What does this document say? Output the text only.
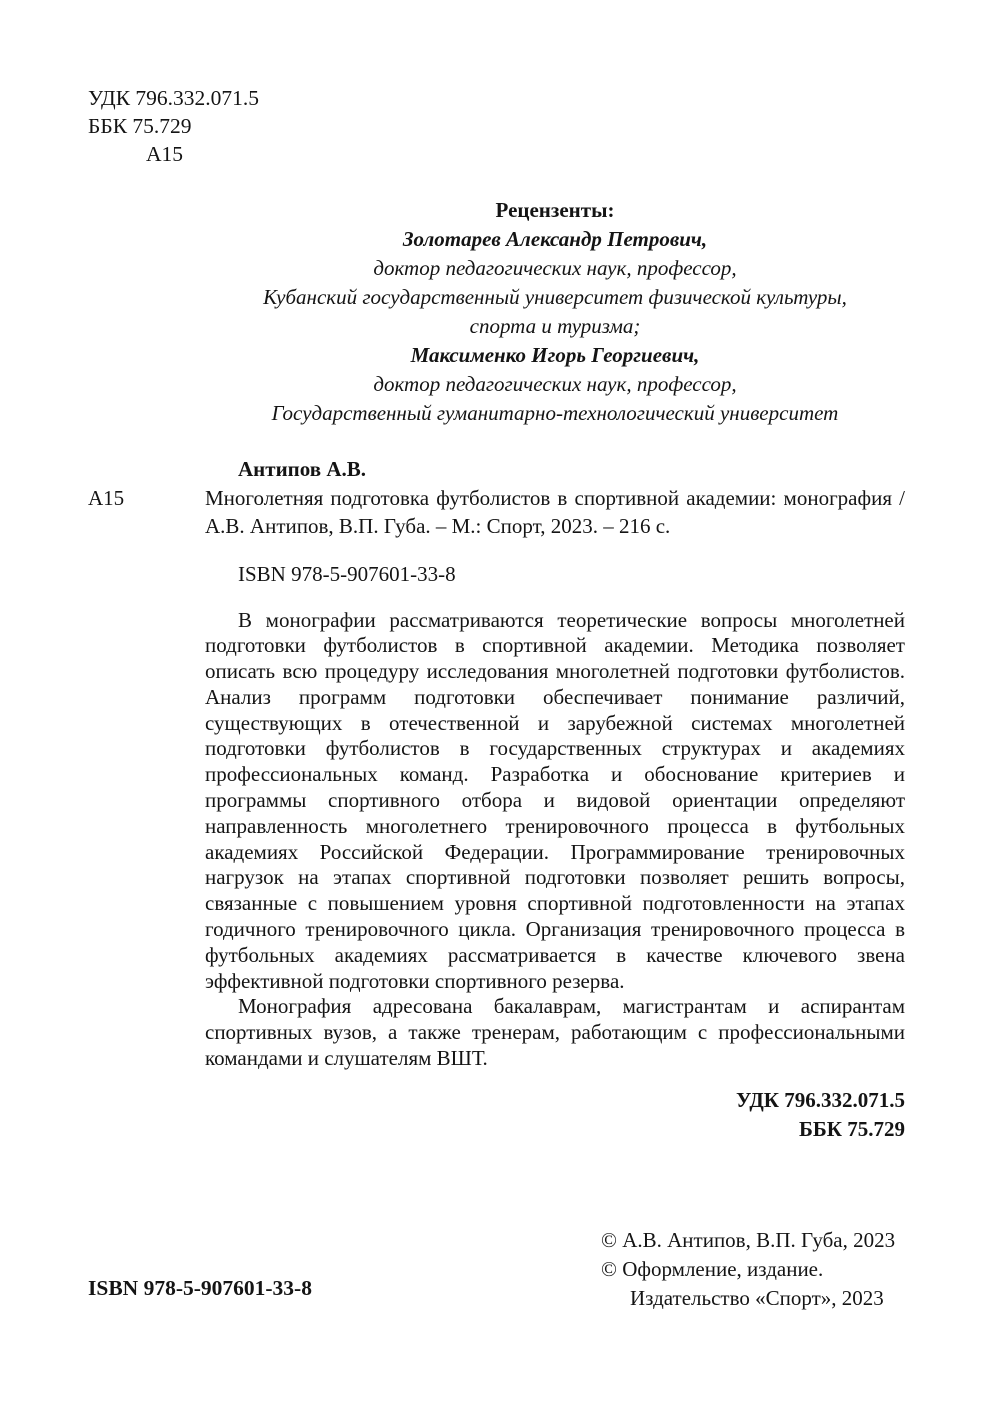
УДК 796.332.071.5
ББК 75.729
А15
Рецензенты:
Золотарев Александр Петрович,
доктор педагогических наук, профессор,
Кубанский государственный университет физической культуры,
спорта и туризма;
Максименко Игорь Георгиевич,
доктор педагогических наук, профессор,
Государственный гуманитарно-технологический университет
А15
Антипов А.В.
Многолетняя подготовка футболистов в спортивной академии: монография / А.В. Антипов, В.П. Губа. – М.: Спорт, 2023. – 216 с.
ISBN 978-5-907601-33-8

В монографии рассматриваются теоретические вопросы многолетней подготовки футболистов в спортивной академии. Методика позволяет описать всю процедуру исследования многолетней подготовки футболистов. Анализ программ подготовки обеспечивает понимание различий, существующих в отечественной и зарубежной системах многолетней подготовки футболистов в государственных структурах и академиях профессиональных команд. Разработка и обоснование критериев и программы спортивного отбора и видовой ориентации определяют направленность многолетнего тренировочного процесса в футбольных академиях Российской Федерации. Программирование тренировочных нагрузок на этапах спортивной подготовки позволяет решить вопросы, связанные с повышением уровня спортивной подготовленности на этапах годичного тренировочного цикла. Организация тренировочного процесса в футбольных академиях рассматривается в качестве ключевого звена эффективной подготовки спортивного резерва.

Монография адресована бакалаврам, магистрантам и аспирантам спортивных вузов, а также тренерам, работающим с профессиональными командами и слушателям ВШТ.

УДК 796.332.071.5
ББК 75.729
© А.В. Антипов, В.П. Губа, 2023
© Оформление, издание.
Издательство «Спорт», 2023
ISBN 978-5-907601-33-8
